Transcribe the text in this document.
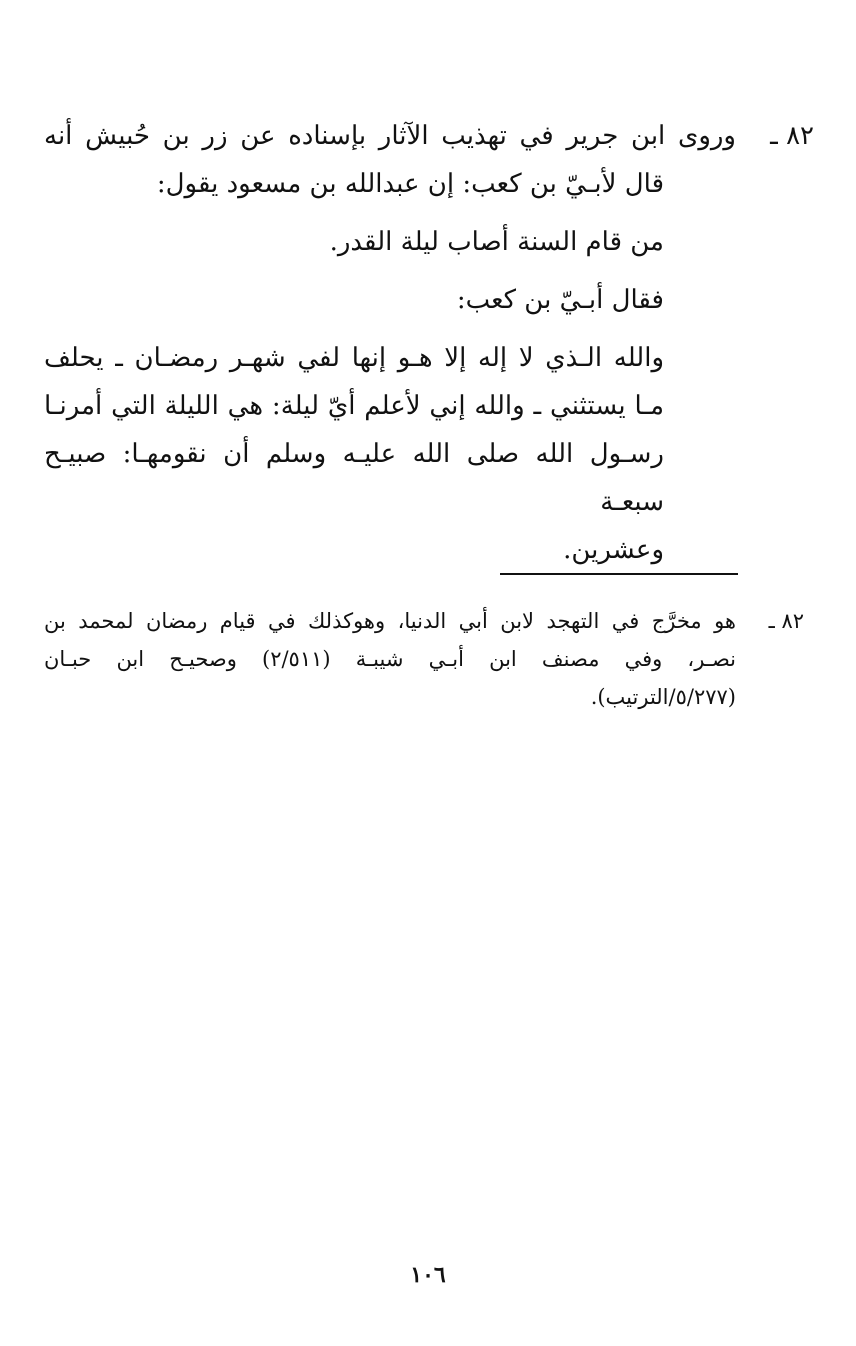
٨٢ ـ

وروى ابن جرير في تهذيب الآثار بإسناده عن زر بن حُبيش أنه

قال لأبـيّ بن كعب: إن عبدالله بن مسعود يقول:

من قام السنة أصاب ليلة القدر.

فقال أبـيّ بن كعب:

والله الـذي لا إله إلا هـو إنها لفي شهـر رمضـان ـ يحلف

مـا يستثني ـ والله إني لأعلم أيّ ليلة: هي الليلة التي أمرنـا

رسـول الله صلى الله عليـه وسلم أن نقومهـا: صبيـح سبعـة

وعشرين.

٨٢ ـ

هو مخرَّج في التهجد لابن أبي الدنيا، وهوكذلك في قيام رمضان لمحمد بن

نصـر، وفي مصنف ابن أبـي شيبـة (٢/٥١١) وصحيـح ابن حبـان

(٥/٢٧٧/الترتيب).

١٠٦
